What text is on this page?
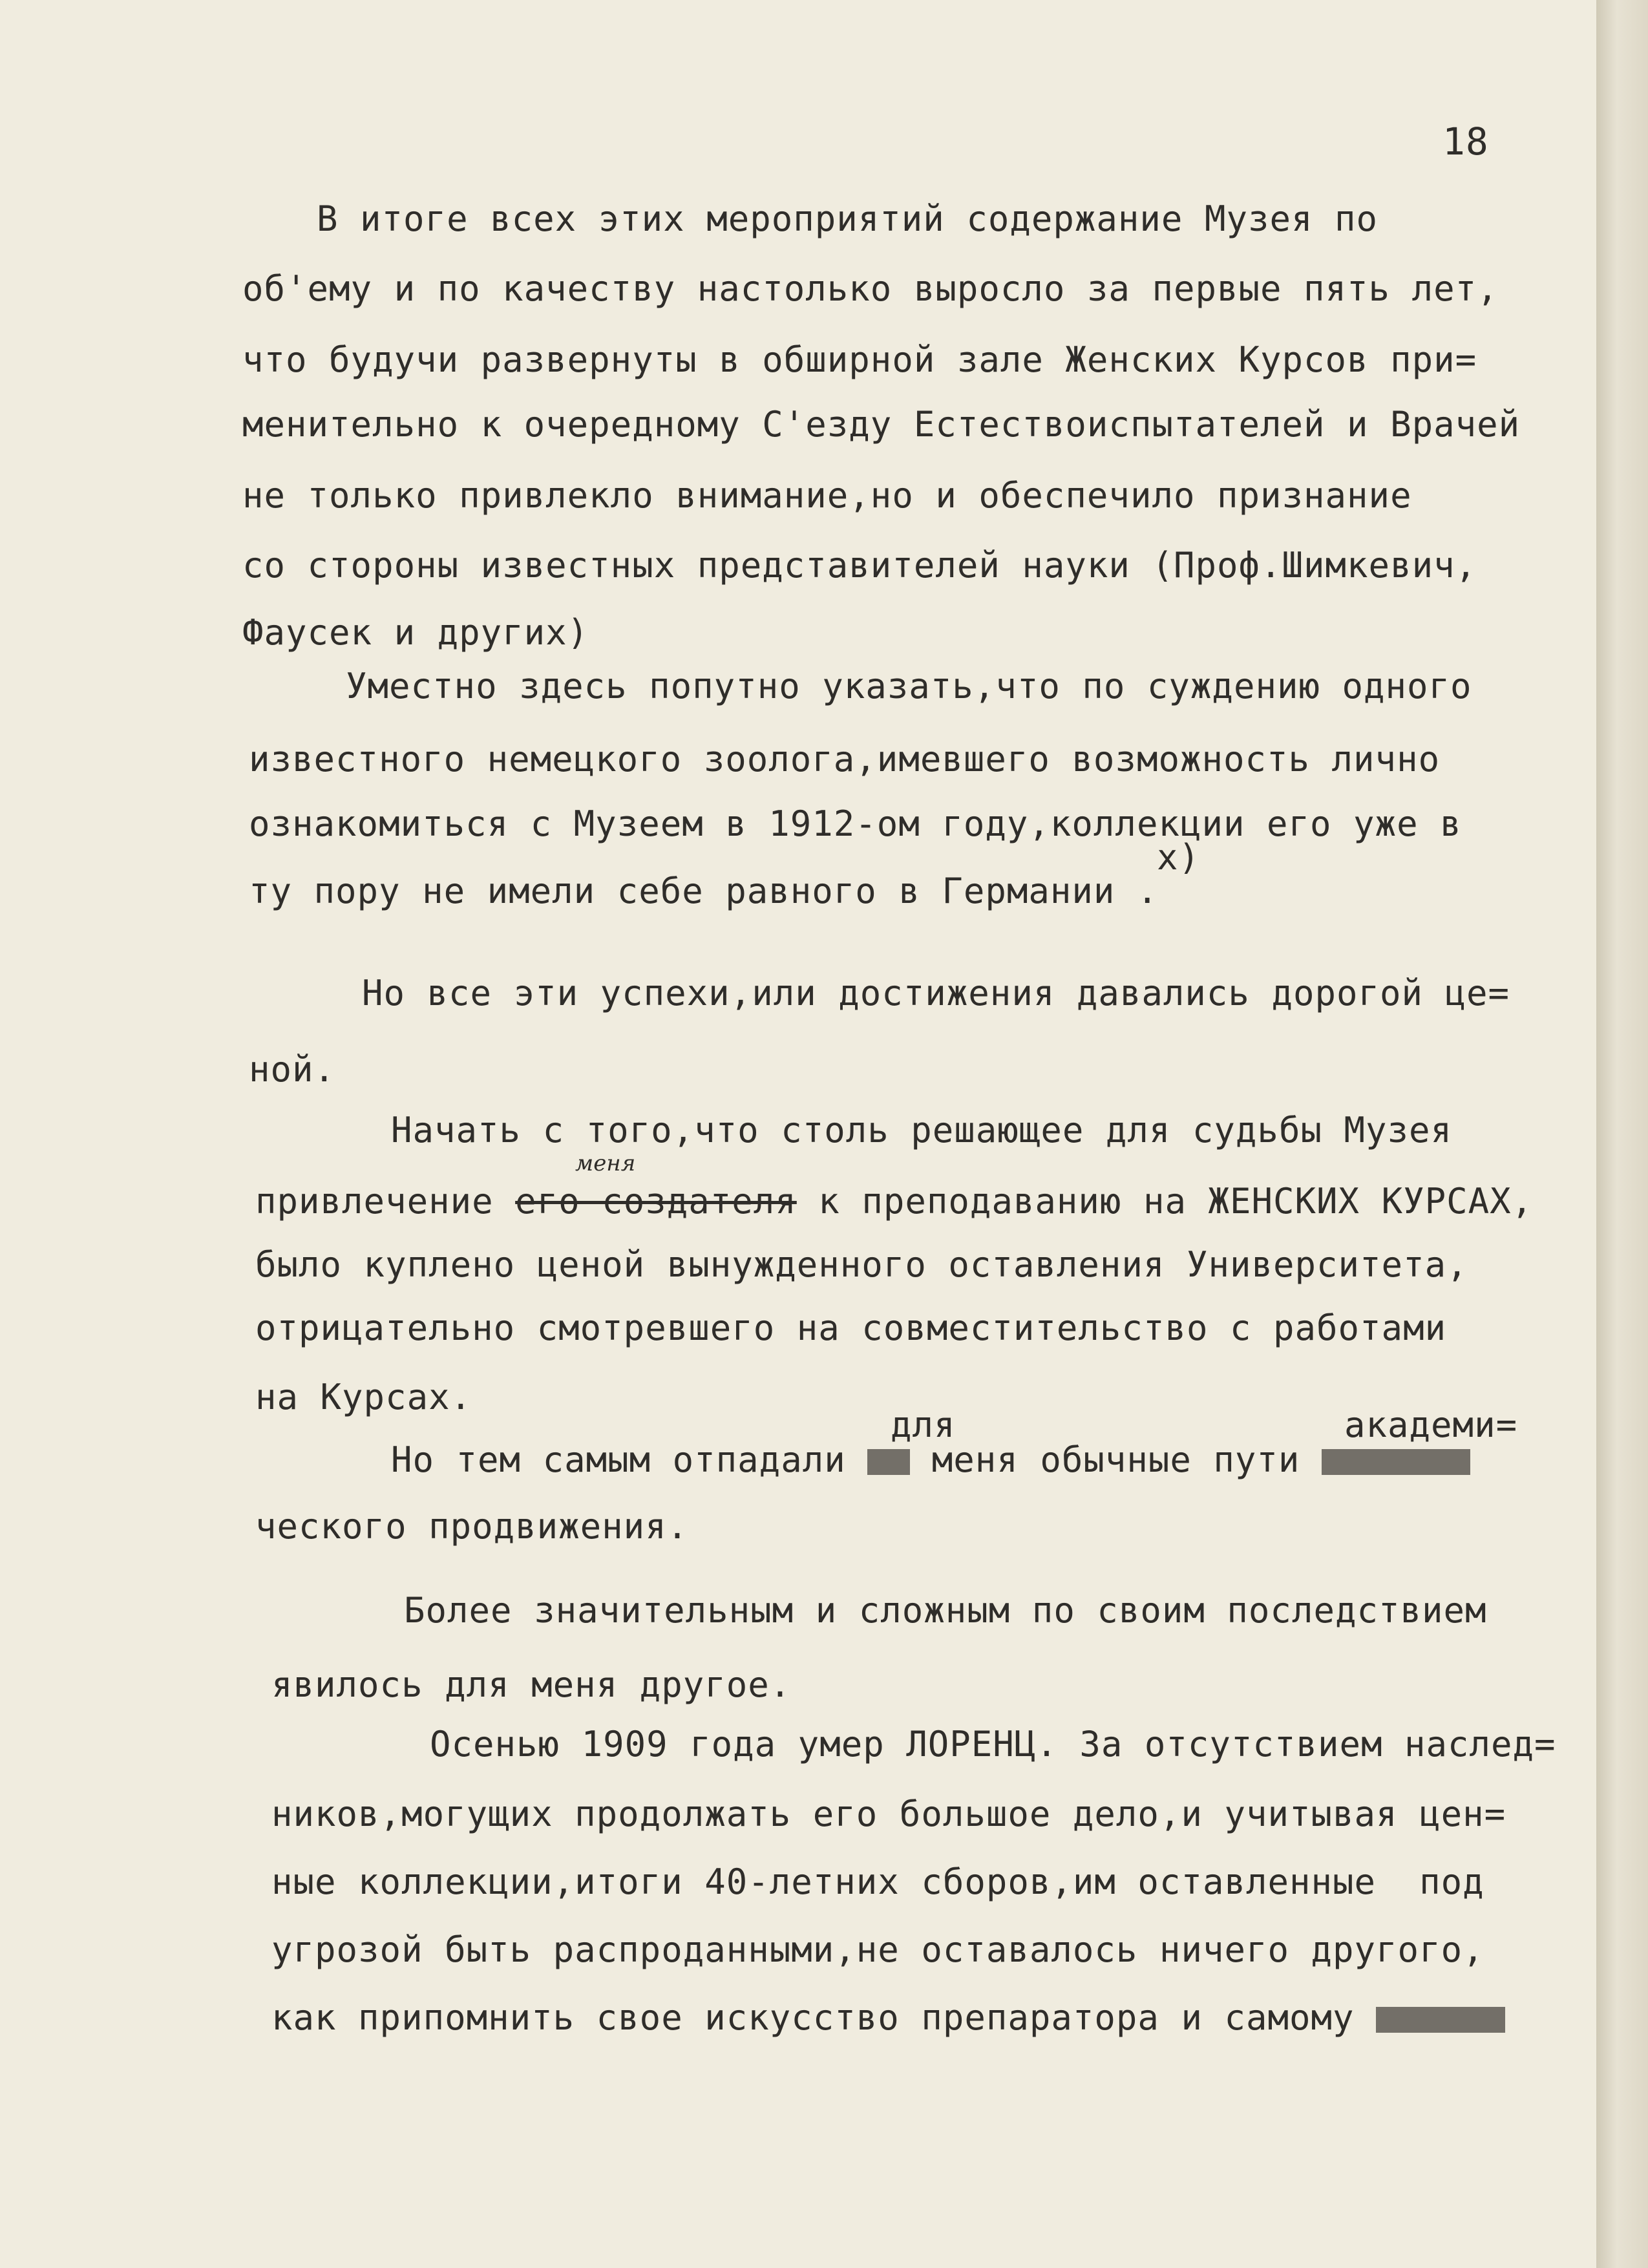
18
В итоге всех этих мероприятий содержание Музея по
об'ему и по качеству настолько выросло за первые пять лет,
что будучи развернуты в обширной зале Женских Курсов при=
менительно к очередному С'езду Естествоиспытателей и Врачей
не только привлекло внимание,но и обеспечило признание
со стороны известных представителей науки (Проф.Шимкевич,
Фаусек и других)
Уместно здесь попутно указать,что по суждению одного
известного немецкого зоолога,имевшего возможность лично
ознакомиться с Музеем в 1912-ом году,коллекции его уже в
х)
ту пору не имели себе равного в Германии .
Но все эти успехи,или достижения давались дорогой це=
ной.
Начать с того,что столь решающее для судьбы Музея
меня
привлечение его создателя к преподаванию на ЖЕНСКИХ КУРСАХ,
было куплено ценой вынужденного оставления Университета,
отрицательно смотревшего на совместительство с работами
на Курсах.
для	академи=
Но тем самым отпадали  меня обычные пути
ческого продвижения.
Более значительным и сложным по своим последствием
явилось для меня другое.
Осенью 1909 года умер ЛОРЕНЦ. За отсутствием наслед=
ников,могущих продолжать его большое дело,и учитывая цен=
ные коллекции,итоги 40-летних сборов,им оставленные  под
угрозой быть распроданными,не оставалось ничего другого,
как припомнить свое искусство препаратора и самому
